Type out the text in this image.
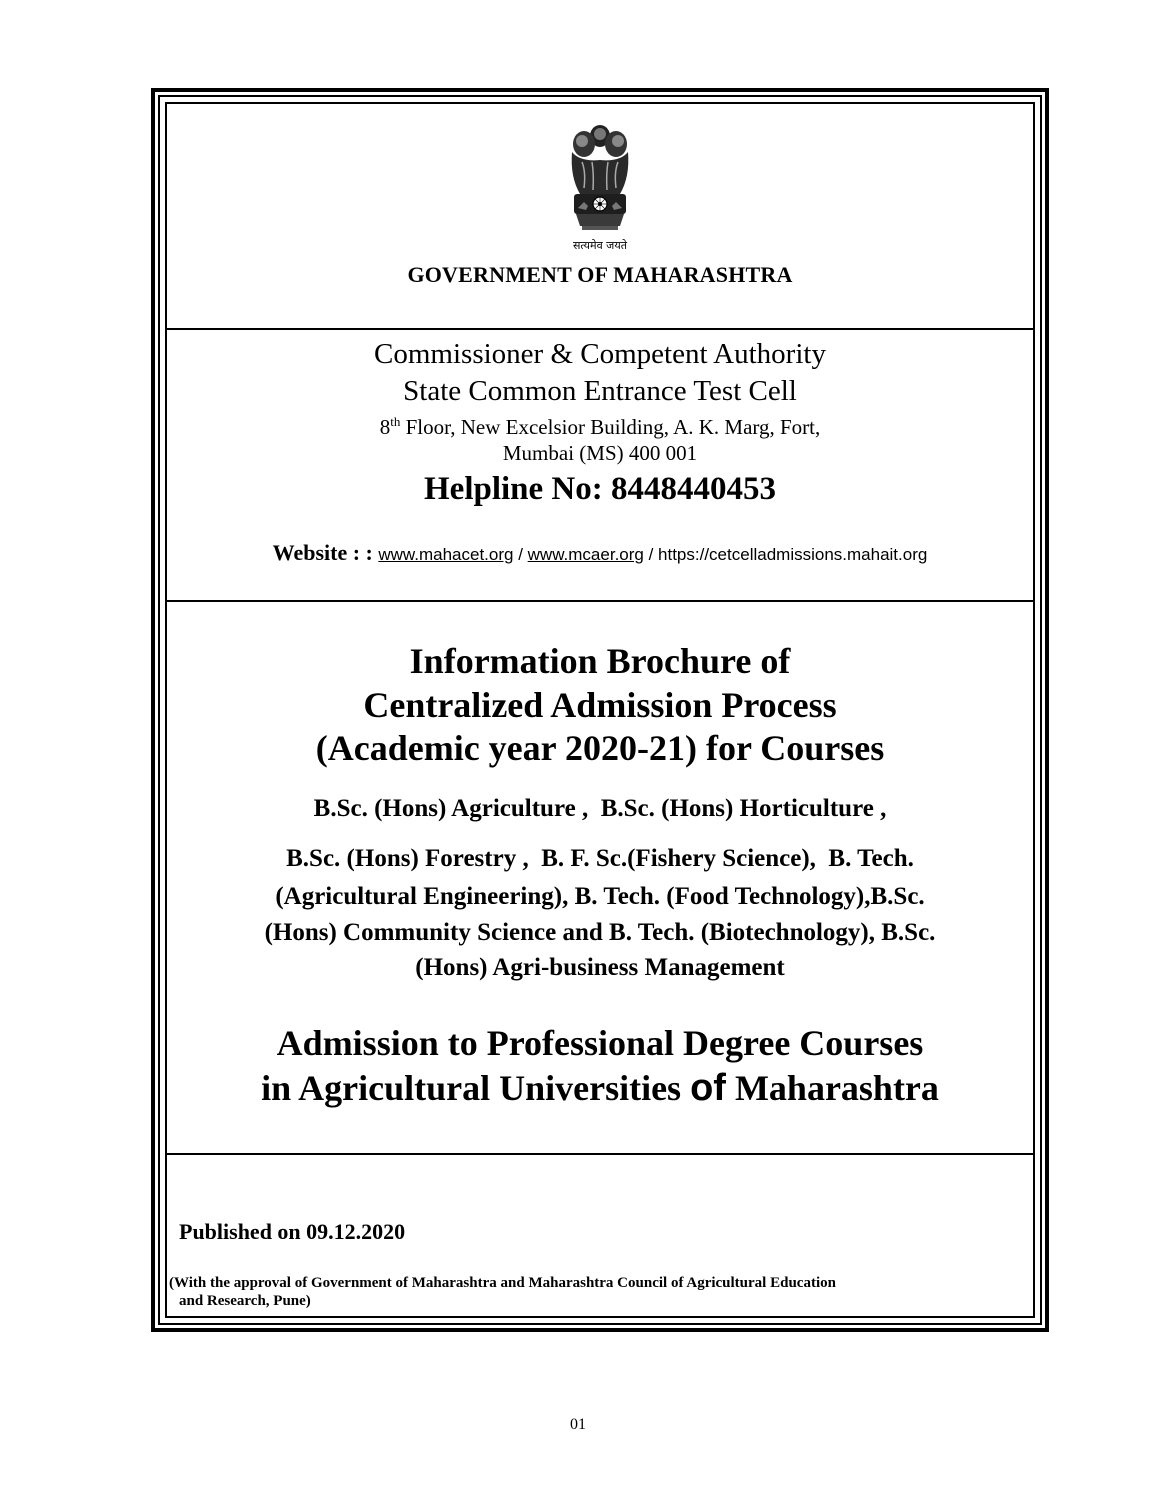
सत्यमेव जयते
GOVERNMENT OF MAHARASHTRA
Commissioner & Competent Authority
State Common Entrance Test Cell
8th Floor, New Excelsior Building, A. K. Marg, Fort,
Mumbai (MS) 400 001
Helpline No: 8448440453
Website : : www.mahacet.org / www.mcaer.org / https://cetcelladmissions.mahait.org
Information Brochure of
Centralized Admission Process
(Academic year 2020-21) for Courses
B.Sc. (Hons) Agriculture ,  B.Sc. (Hons) Horticulture ,
B.Sc. (Hons) Forestry ,  B. F. Sc.(Fishery Science),  B. Tech.
(Agricultural Engineering), B. Tech. (Food Technology),B.Sc.
(Hons) Community Science and B. Tech. (Biotechnology), B.Sc.
(Hons) Agri-business Management
Admission to Professional Degree Courses
in Agricultural Universities of Maharashtra
Published on 09.12.2020
(With the approval of Government of Maharashtra and Maharashtra Council of Agricultural Education
and Research, Pune)
01
